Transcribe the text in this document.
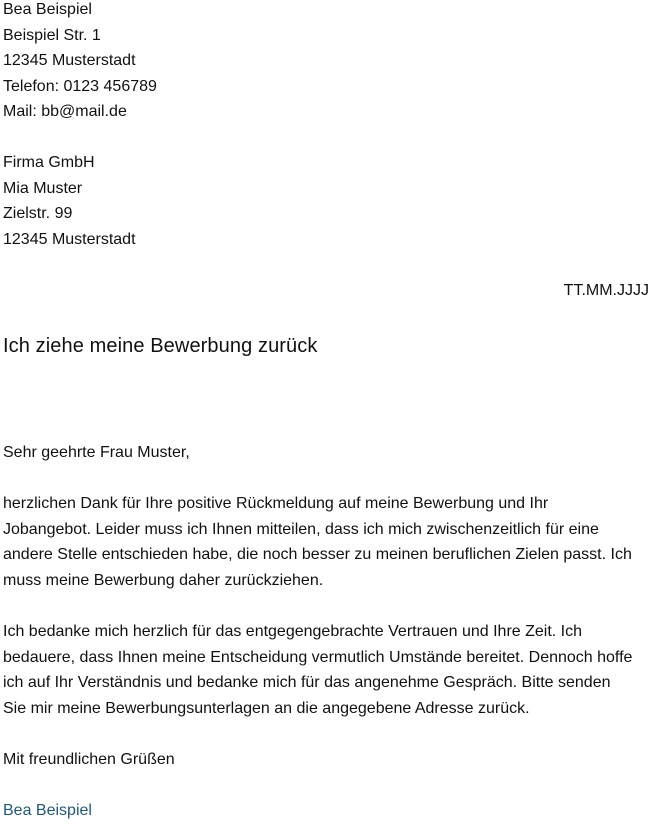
Bea Beispiel
Beispiel Str. 1
12345 Musterstadt
Telefon: 0123 456789
Mail: bb@mail.de
Firma GmbH
Mia Muster
Zielstr. 99
12345 Musterstadt
TT.MM.JJJJ
Ich ziehe meine Bewerbung zurück

Sehr geehrte Frau Muster,

herzlichen Dank für Ihre positive Rückmeldung auf meine Bewerbung und Ihr
Jobangebot. Leider muss ich Ihnen mitteilen, dass ich mich zwischenzeitlich für eine
andere Stelle entschieden habe, die noch besser zu meinen beruflichen Zielen passt. Ich
muss meine Bewerbung daher zurückziehen.

Ich bedanke mich herzlich für das entgegengebrachte Vertrauen und Ihre Zeit. Ich
bedauere, dass Ihnen meine Entscheidung vermutlich Umstände bereitet. Dennoch hoffe
ich auf Ihr Verständnis und bedanke mich für das angenehme Gespräch. Bitte senden
Sie mir meine Bewerbungsunterlagen an die angegebene Adresse zurück.

Mit freundlichen Grüßen

Bea Beispiel
